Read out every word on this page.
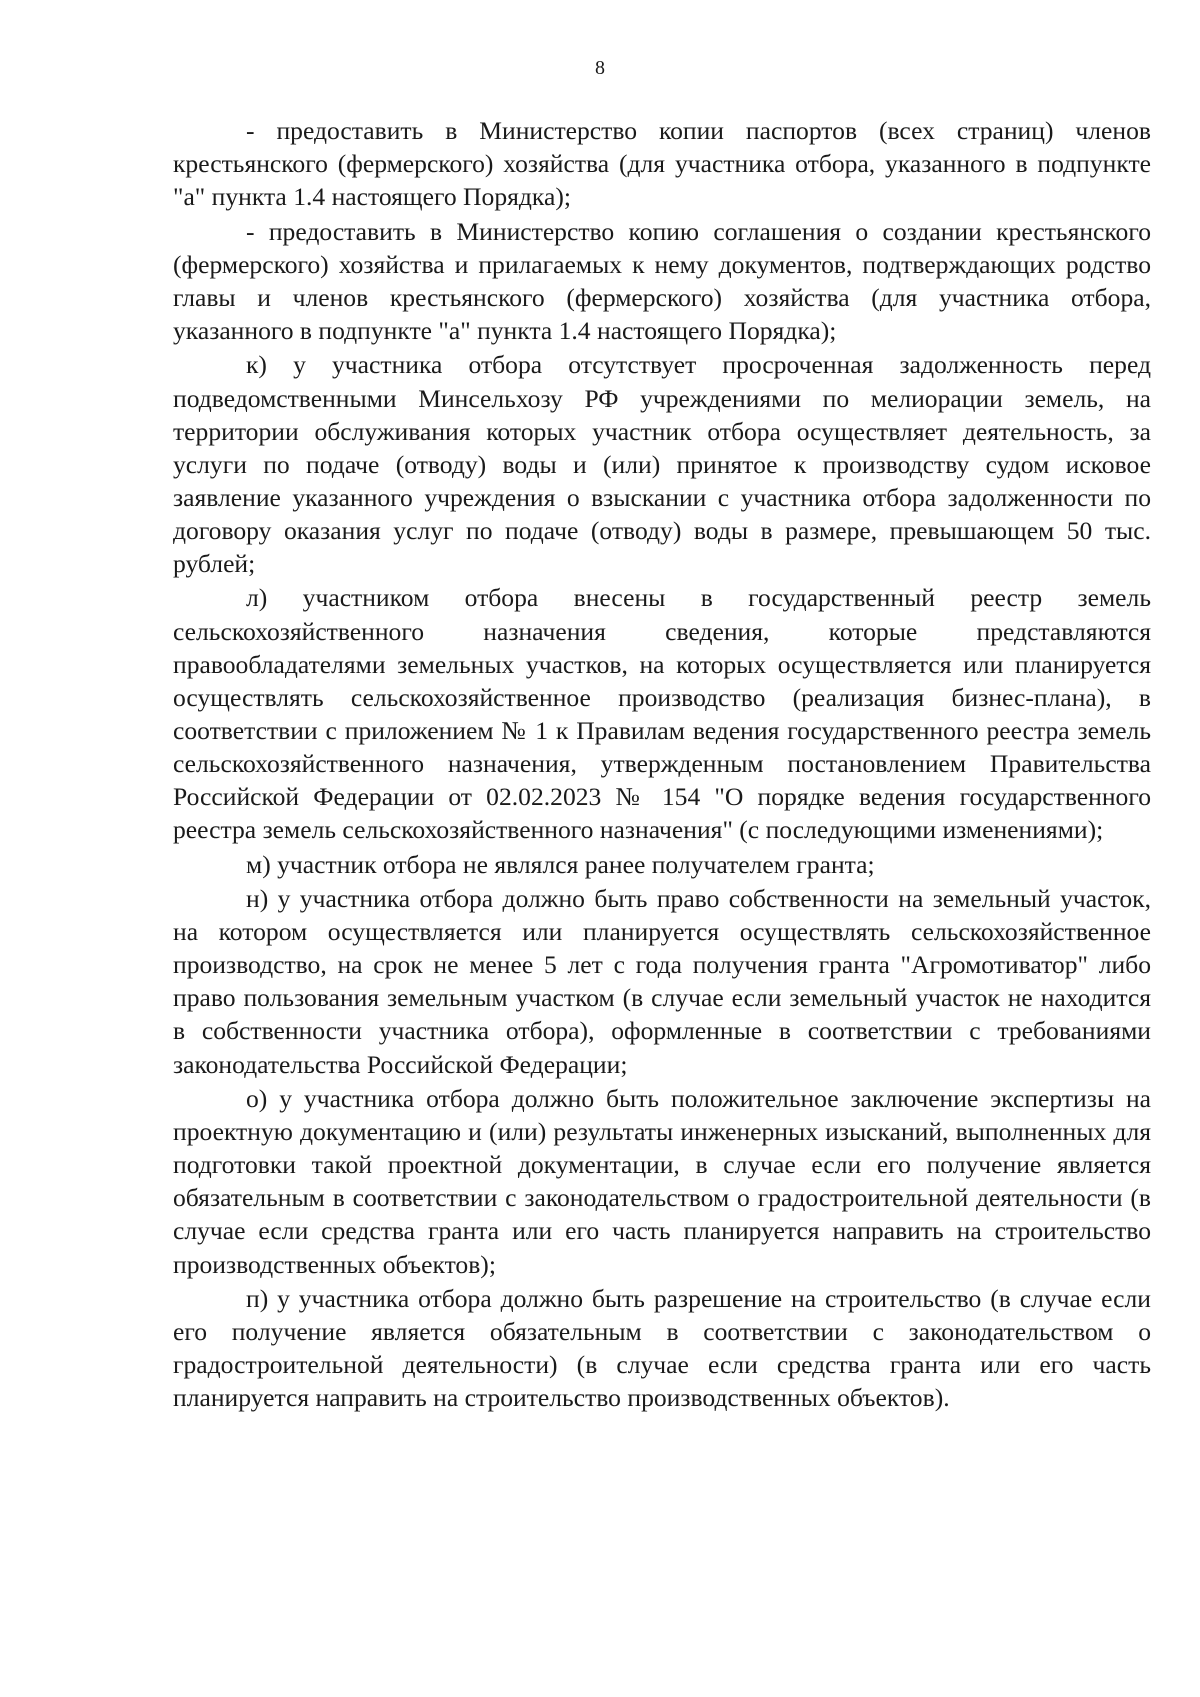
8

- предоставить в Министерство копии паспортов (всех страниц) членов крестьянского (фермерского) хозяйства (для участника отбора, указанного в подпункте "а" пункта 1.4 настоящего Порядка);

- предоставить в Министерство копию соглашения о создании крестьянского (фермерского) хозяйства и прилагаемых к нему документов, подтверждающих родство главы и членов крестьянского (фермерского) хозяйства (для участника отбора, указанного в подпункте "а" пункта 1.4 настоящего Порядка);

к) у участника отбора отсутствует просроченная задолженность перед подведомственными Минсельхозу РФ учреждениями по мелиорации земель, на территории обслуживания которых участник отбора осуществляет деятельность, за услуги по подаче (отводу) воды и (или) принятое к производству судом исковое заявление указанного учреждения о взыскании с участника отбора задолженности по договору оказания услуг по подаче (отводу) воды в размере, превышающем 50 тыс. рублей;

л) участником отбора внесены в государственный реестр земель сельскохозяйственного назначения сведения, которые представляются правообладателями земельных участков, на которых осуществляется или планируется осуществлять сельскохозяйственное производство (реализация бизнес-плана), в соответствии с приложением № 1 к Правилам ведения государственного реестра земель сельскохозяйственного назначения, утвержденным постановлением Правительства Российской Федерации от 02.02.2023 № 154 "О порядке ведения государственного реестра земель сельскохозяйственного назначения" (с последующими изменениями);

м) участник отбора не являлся ранее получателем гранта;

н) у участника отбора должно быть право собственности на земельный участок, на котором осуществляется или планируется осуществлять сельскохозяйственное производство, на срок не менее 5 лет с года получения гранта "Агромотиватор" либо право пользования земельным участком (в случае если земельный участок не находится в собственности участника отбора), оформленные в соответствии с требованиями законодательства Российской Федерации;

о) у участника отбора должно быть положительное заключение экспертизы на проектную документацию и (или) результаты инженерных изысканий, выполненных для подготовки такой проектной документации, в случае если его получение является обязательным в соответствии с законодательством о градостроительной деятельности (в случае если средства гранта или его часть планируется направить на строительство производственных объектов);

п) у участника отбора должно быть разрешение на строительство (в случае если его получение является обязательным в соответствии с законодательством о градостроительной деятельности) (в случае если средства гранта или его часть планируется направить на строительство производственных объектов).
